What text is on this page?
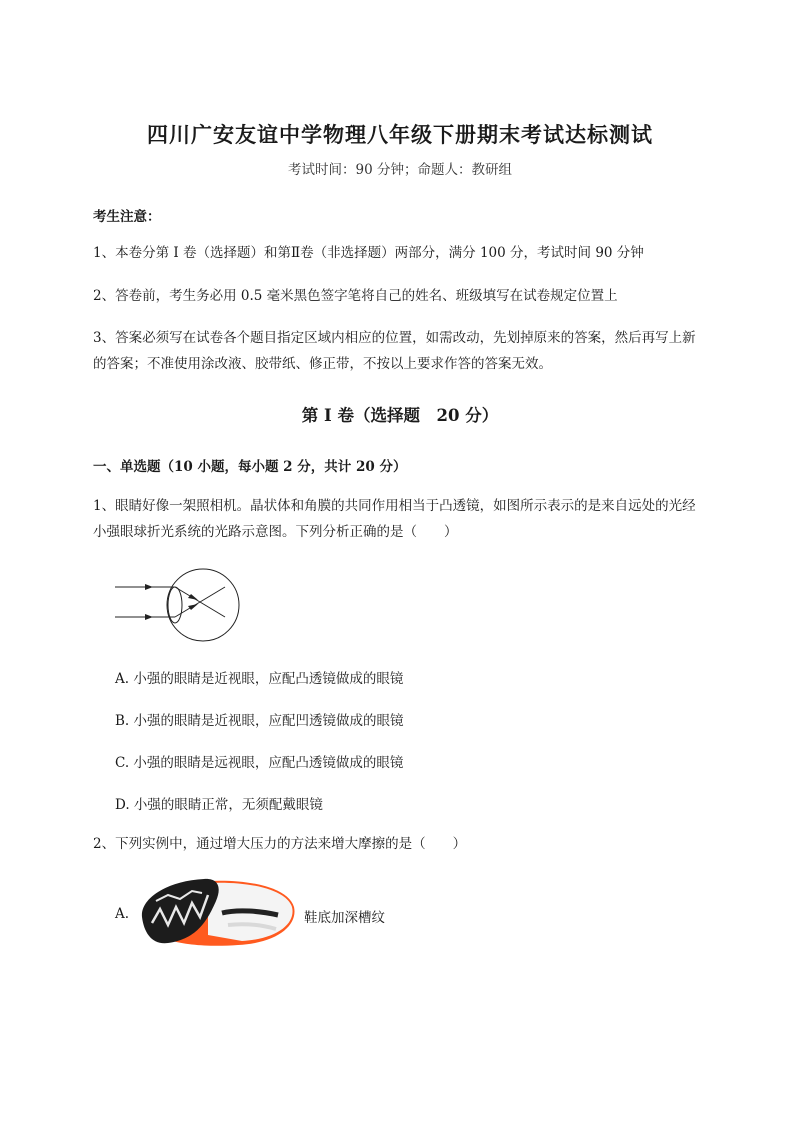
四川广安友谊中学物理八年级下册期末考试达标测试
考试时间：90 分钟；命题人：教研组
考生注意：
1、本卷分第 I 卷（选择题）和第Ⅱ卷（非选择题）两部分，满分 100 分，考试时间 90 分钟
2、答卷前，考生务必用 0.5 毫米黑色签字笔将自己的姓名、班级填写在试卷规定位置上
3、答案必须写在试卷各个题目指定区域内相应的位置，如需改动，先划掉原来的答案，然后再写上新
的答案；不准使用涂改液、胶带纸、修正带，不按以上要求作答的答案无效。
第 I 卷（选择题　20 分）
一、单选题（10 小题，每小题 2 分，共计 20 分）
1、眼睛好像一架照相机。晶状体和角膜的共同作用相当于凸透镜，如图所示表示的是来自远处的光经
小强眼球折光系统的光路示意图。下列分析正确的是（　　）
A. 小强的眼睛是近视眼，应配凸透镜做成的眼镜
B. 小强的眼睛是近视眼，应配凹透镜做成的眼镜
C. 小强的眼睛是远视眼，应配凸透镜做成的眼镜
D. 小强的眼睛正常，无须配戴眼镜
2、下列实例中，通过增大压力的方法来增大摩擦的是（　　）
A.	鞋底加深槽纹
